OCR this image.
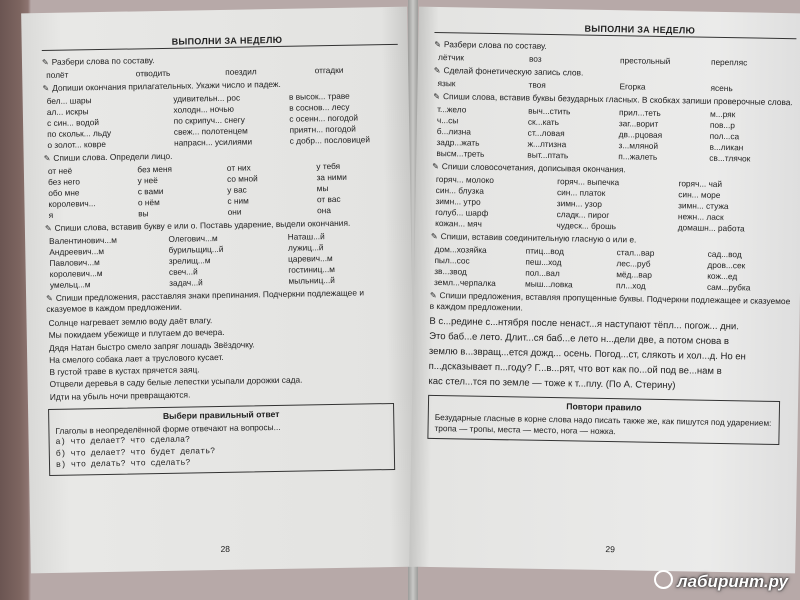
ВЫПОЛНИ ЗА НЕДЕЛЮ
✎ Разбери слова по составу.
полёт	отводить	поездил	отгадки
✎ Допиши окончания прилагательных. Укажи число и падеж.
бел... шары	удивительн... рос	в высок... траве
ал... искры	холодн... ночью	в соснов... лесу
с син... водой	по скрипуч... снегу	с осенн... погодой
по скольк... льду	свеж... полотенцем	приятн... погодой
о золот... ковре	напрасн... усилиями	с добр... пословицей
✎ Спиши слова. Определи лицо.
от неё	без меня	от них	у тебя
без него	у неё	со мной	за ними
обо мне	с вами	у вас	мы
королевич...	о нём	с ним	от вас
я	вы	они	она
✎ Спиши слова, вставив букву е или о. Поставь ударение, выдели окончания.
Валентинович...м	Олегович...м	Наташ...й
Андреевич...м	бурильщиц...й	лужиц...й
Павлович...м	зрелищ...м	царевич...м
королевич...м	свеч...й	гостиниц...м
умельц...м	задач...й	мыльниц...й
✎ Спиши предложения, расставляя знаки препинания. Подчеркни подлежащее и сказуемое в каждом предложении.
Солнце нагревает землю воду даёт влагу.
Мы покидаем убежище и плутаем до вечера.
Дядя Натан быстро смело запряг лошадь Звёздочку.
На смелого собака лает а труслового кусает.
В густой траве в кустах прячется заяц.
Отцвели деревья в саду белые лепестки усыпали дорожки сада.
Идти на убыль ночи превращаются.
Выбери правильный ответ
Глаголы в неопределённой форме отвечают на вопросы...
а) что делает? что сделала?
б) что делает? что будет делать?
в) что делать? что сделать?
28
ВЫПОЛНИ ЗА НЕДЕЛЮ
✎ Разбери слова по составу.
лётчик	воз	престольный	перепляс
✎ Сделай фонетическую запись слов.
язык	твоя	Егорка	ясень
✎ Спиши слова, вставив буквы безударных гласных. В скобках запиши проверочные слова.
т...жело	выч...стить	прил...теть	м...ряк
ч...сы	ск...кать	заг...ворит	пов...р
б...лизна	ст...ловая	дв...рцовая	пол...са
задр...жать	ж...лтизна	з...мляной	в...ликан
высм...треть	выт...птать	п...жалеть	св...тлячок
✎ Спиши словосочетания, дописывая окончания.
горяч... молоко	горяч... выпечка	горяч... чай
син... блузка	син... платок	син... море
зимн... утро	зимн... узор	зимн... стужа
голуб... шарф	сладк... пирог	нежн... ласк
кожан... мяч	чудеск... брошь	домашн... работа
✎ Спиши, вставив соединительную гласную о или е.
дом...хозяйка	птиц...вод	стал...вар	сад...вод
пыл...сос	пеш...ход	лес...руб	дров...сек
зв...звод	пол...вал	мёд...вар	кож...ед
земл...черпалка	мыш...ловка	пл...ход	сам...рубка
✎ Спиши предложения, вставляя пропущенные буквы. Подчеркни подлежащее и сказуемое в каждом предложении.
В с...редине с...нтября после ненаст...я наступают тёпл... погож... дни.
Это баб...е лето. Длит...ся баб...е лето н...дели две, а потом снова в
землю в...звращ...ется дожд... осень. Погод...ст, слякоть и хол...д. Но ен
п...дсказывает п...году? Г...в...рят, что вот как по...ой под ве...нам в
кас стел...тся по земле — тоже к т...плу. (По А. Стерину)
Повтори правило
Безударные гласные в корне слова надо писать также же, как пишутся под ударением: тропа — тропы, места — место, нога — ножка.
29
лабиринт.ру
